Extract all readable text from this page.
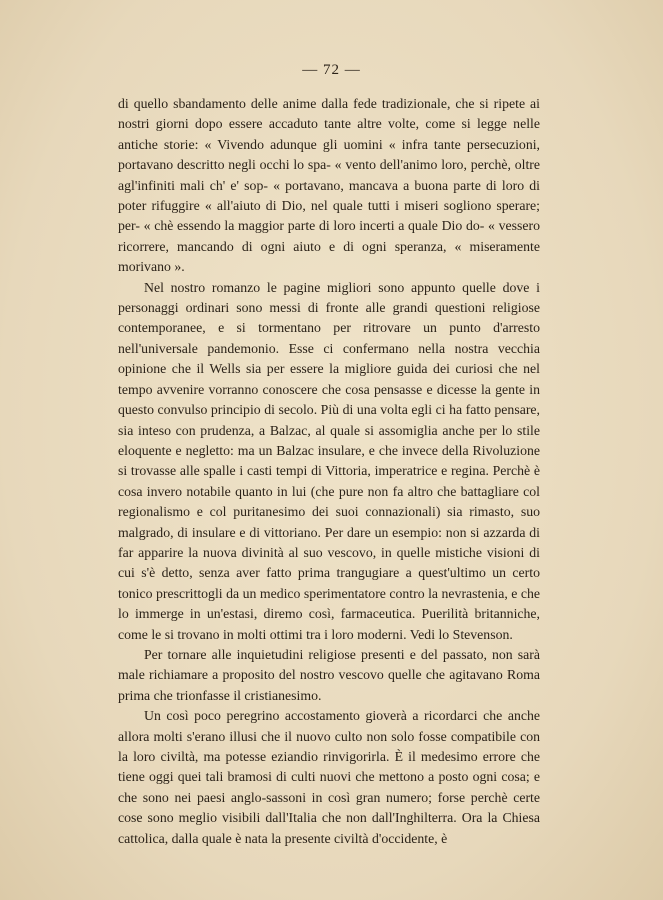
— 72 —

di quello sbandamento delle anime dalla fede tradizionale, che si ripete ai nostri giorni dopo essere accaduto tante altre volte, come si legge nelle antiche storie: « Vivendo adunque gli uomini « infra tante persecuzioni, portavano descritto negli occhi lo spa- « vento dell'animo loro, perchè, oltre agl'infiniti mali ch' e' sop- « portavano, mancava a buona parte di loro di poter rifuggire « all'aiuto di Dio, nel quale tutti i miseri sogliono sperare; per- « chè essendo la maggior parte di loro incerti a quale Dio do- « vessero ricorrere, mancando di ogni aiuto e di ogni speranza, « miseramente morivano ».

Nel nostro romanzo le pagine migliori sono appunto quelle dove i personaggi ordinari sono messi di fronte alle grandi questioni religiose contemporanee, e si tormentano per ritrovare un punto d'arresto nell'universale pandemonio. Esse ci confermano nella nostra vecchia opinione che il Wells sia per essere la migliore guida dei curiosi che nel tempo avvenire vorranno conoscere che cosa pensasse e dicesse la gente in questo convulso principio di secolo. Più di una volta egli ci ha fatto pensare, sia inteso con prudenza, a Balzac, al quale si assomiglia anche per lo stile eloquente e negletto: ma un Balzac insulare, e che invece della Rivoluzione si trovasse alle spalle i casti tempi di Vittoria, imperatrice e regina. Perchè è cosa invero notabile quanto in lui (che pure non fa altro che battagliare col regionalismo e col puritanesimo dei suoi connazionali) sia rimasto, suo malgrado, di insulare e di vittoriano. Per dare un esempio: non si azzarda di far apparire la nuova divinità al suo vescovo, in quelle mistiche visioni di cui s'è detto, senza aver fatto prima trangugiare a quest'ultimo un certo tonico prescrittogli da un medico sperimentatore contro la nevrastenia, e che lo immerge in un'estasi, diremo così, farmaceutica. Puerilità britanniche, come le si trovano in molti ottimi tra i loro moderni. Vedi lo Stevenson.

Per tornare alle inquietudini religiose presenti e del passato, non sarà male richiamare a proposito del nostro vescovo quelle che agitavano Roma prima che trionfasse il cristianesimo.

Un così poco peregrino accostamento gioverà a ricordarci che anche allora molti s'erano illusi che il nuovo culto non solo fosse compatibile con la loro civiltà, ma potesse eziandio rinvigorirla. È il medesimo errore che tiene oggi quei tali bramosi di culti nuovi che mettono a posto ogni cosa; e che sono nei paesi anglo-sassoni in così gran numero; forse perchè certe cose sono meglio visibili dall'Italia che non dall'Inghilterra. Ora la Chiesa cattolica, dalla quale è nata la presente civiltà d'occidente, è
